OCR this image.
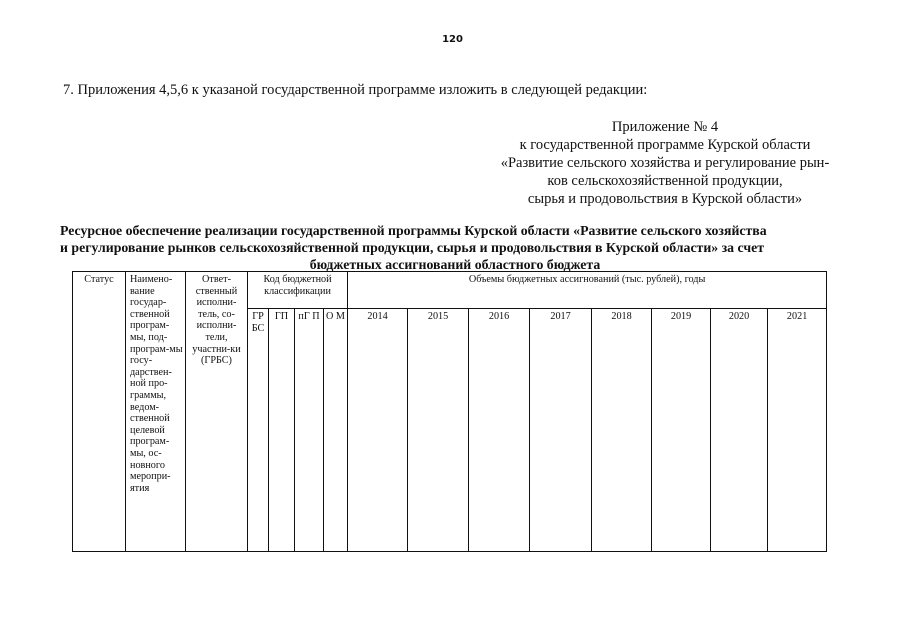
120
7. Приложения 4,5,6 к указаной государственной программе изложить в следующей редакции:
Приложение № 4
к государственной программе Курской области
«Развитие сельского хозяйства и регулирование рын-
ков сельскохозяйственной продукции,
сырья и продовольствия в Курской области»
Ресурсное обеспечение реализации государственной программы Курской области «Развитие сельского хозяйства
и регулирование рынков сельскохозяйственной продукции, сырья и продовольствия в Курской области» за счет
бюджетных ассигнований областного бюджета
Статус	Наимено-вание государ-ственной програм-мы, под-програм-мы госу-дарствен-ной про-граммы, ведом-ственной целевой програм-мы, ос-новного меропри-ятия	Ответ-ственный исполни-тель, со-исполни-тели, участни-ки (ГРБС)	Код бюджетной классификации				Объемы бюджетных ассигнований (тыс. рублей), годы							
			ГР БС	ГП	пГ П	О М	2014	2015	2016	2017	2018	2019	2020	2021
